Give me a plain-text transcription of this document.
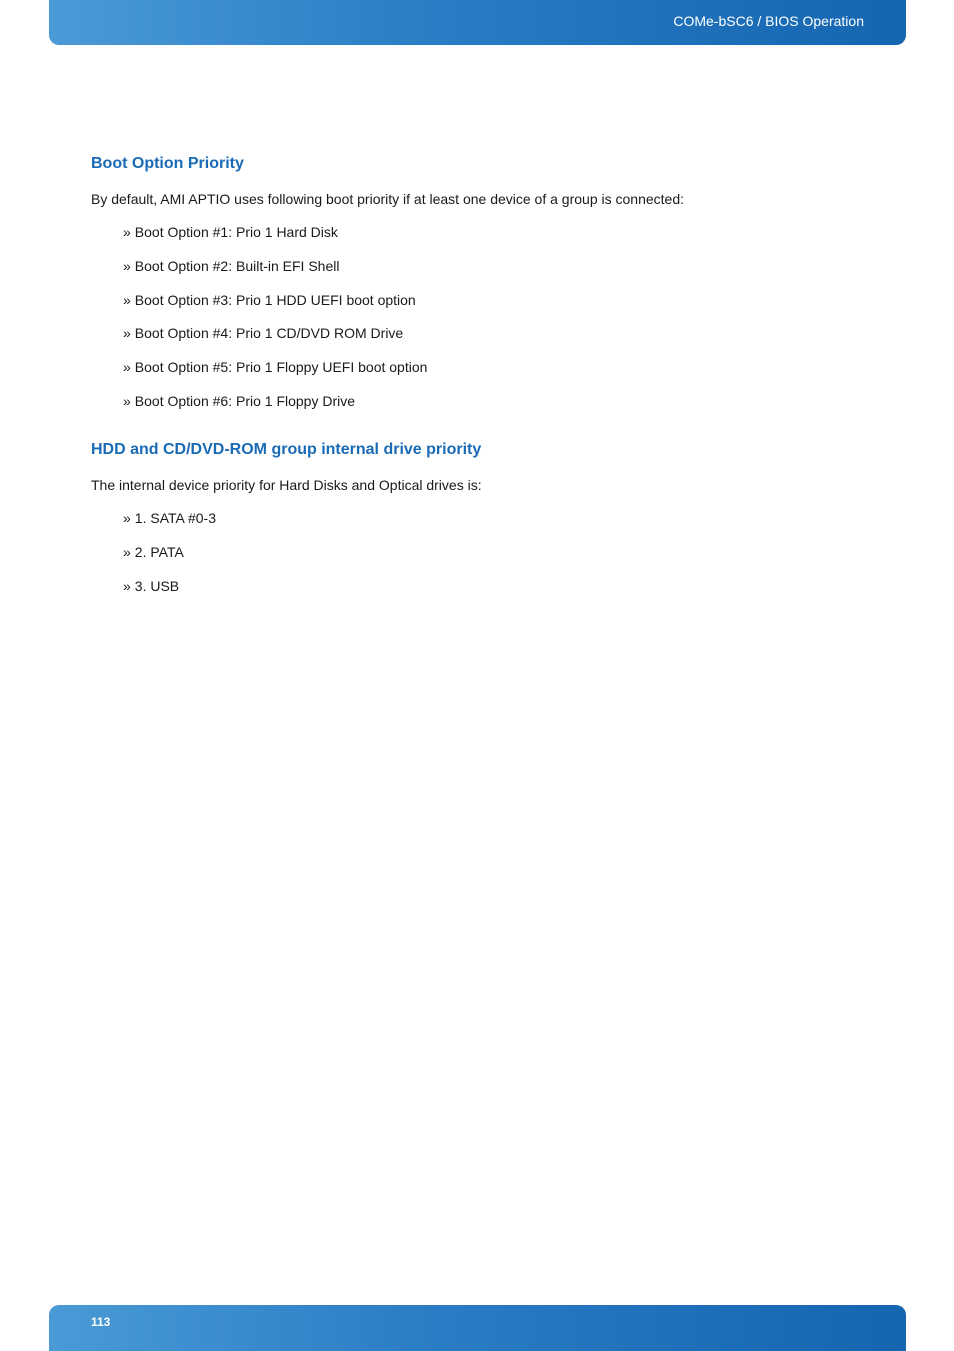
COMe-bSC6 / BIOS Operation
Boot Option Priority

By default, AMI APTIO uses following boot priority if at least one device of a group is connected:

» Boot Option #1: Prio 1 Hard Disk
» Boot Option #2: Built-in EFI Shell
» Boot Option #3: Prio 1 HDD UEFI boot option
» Boot Option #4: Prio 1 CD/DVD ROM Drive
» Boot Option #5: Prio 1 Floppy UEFI boot option
» Boot Option #6: Prio 1 Floppy Drive
HDD and CD/DVD-ROM group internal drive priority

The internal device priority for Hard Disks and Optical drives is:

» 1. SATA #0-3
» 2. PATA
» 3. USB
113
